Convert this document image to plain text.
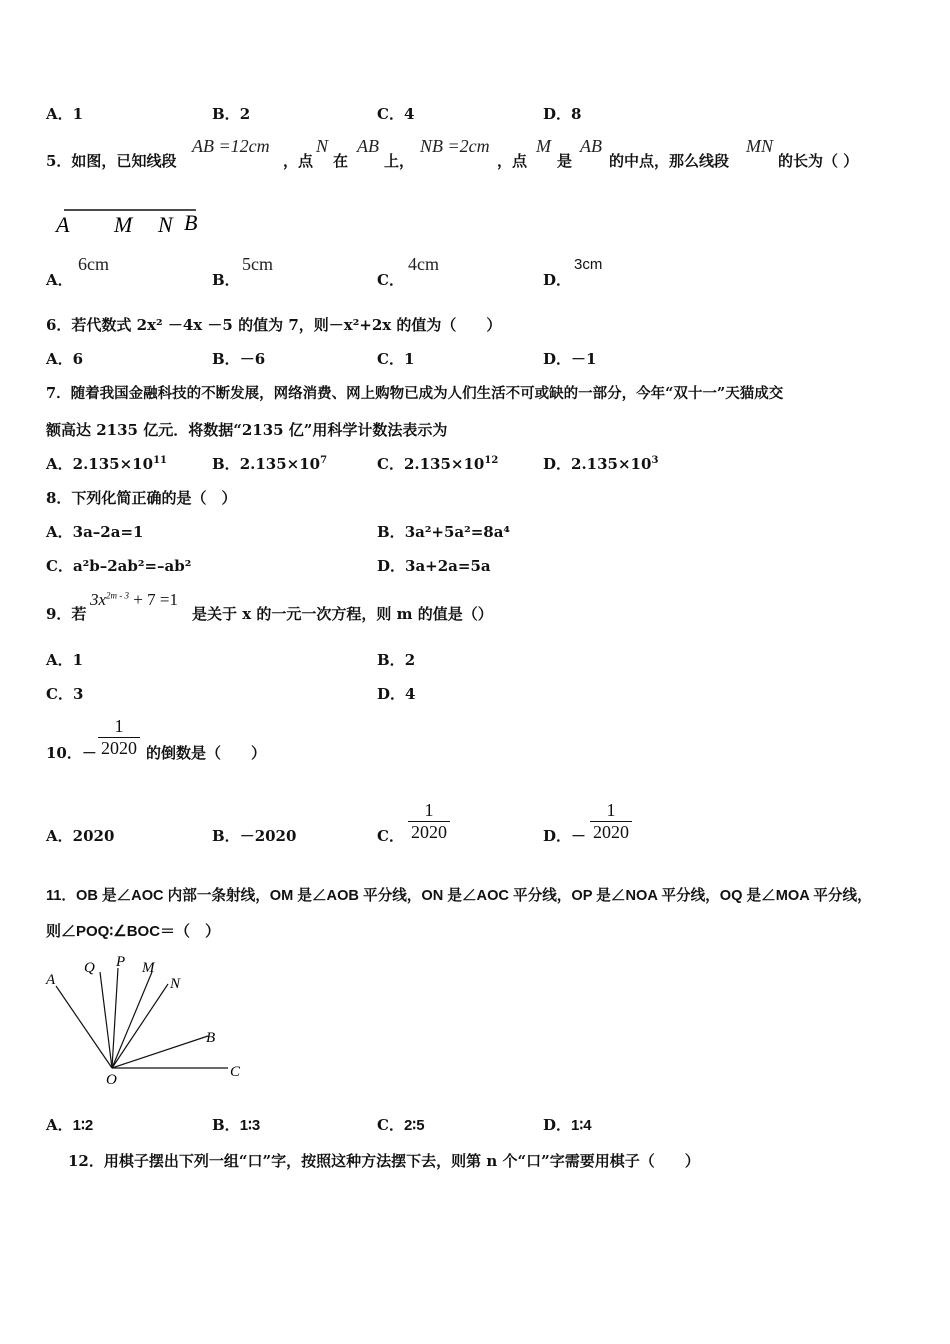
A．1	B．2	C．4	D．8
5．如图，已知线段
AB =12cm
，点
N
在
AB
上，
NB =2cm
，点
M
是
AB
的中点，那么线段
MN
的长为（ ）
A M N B
A．
6cm
B．
5cm
C．
4cm
D．
3cm
6．若代数式 2x² －4x －5 的值为 7，则－x²+2x 的值为（　　）
A．6	B．－6	C．1	D．－1
7．随着我国金融科技的不断发展，网络消费、网上购物已成为人们生活不可或缺的一部分，今年“双十一”天猫成交
额高达 2135 亿元．将数据“2135 亿”用科学计数法表示为
A．$2.135\times 10^{11}$	B．$2.135\times 10^7$	C．$2.135\times 10^{12}$	D．$2.135\times 10^3$
8．下列化简正确的是（　）
A．3a–2a=1	B．3a²+5a²=8a⁴
C．a²b–2ab²=–ab²	D．3a+2a=5a
9．若
$3x^{2m - 3} + 7 =1$
是关于 x 的一元一次方程，则 m 的值是（）
A．1	B．2
C．3	D．4
10．－
1
2020 的倒数是（　　）
A．2020	B．－2020	C．
1
2020	D．－
1
2020
11．OB 是∠AOC 内部一条射线，OM 是∠AOB 平分线，ON 是∠AOC 平分线，OP 是∠NOA 平分线，OQ 是∠MOA 平分线，
则∠POQ∶∠BOC＝（　）
A
Q P M
N
B
O	C
A．1∶2	B．1∶3	C．2∶5	D．1∶4
12．用棋子摆出下列一组“口”字，按照这种方法摆下去，则第 n 个“口”字需要用棋子（　　）
